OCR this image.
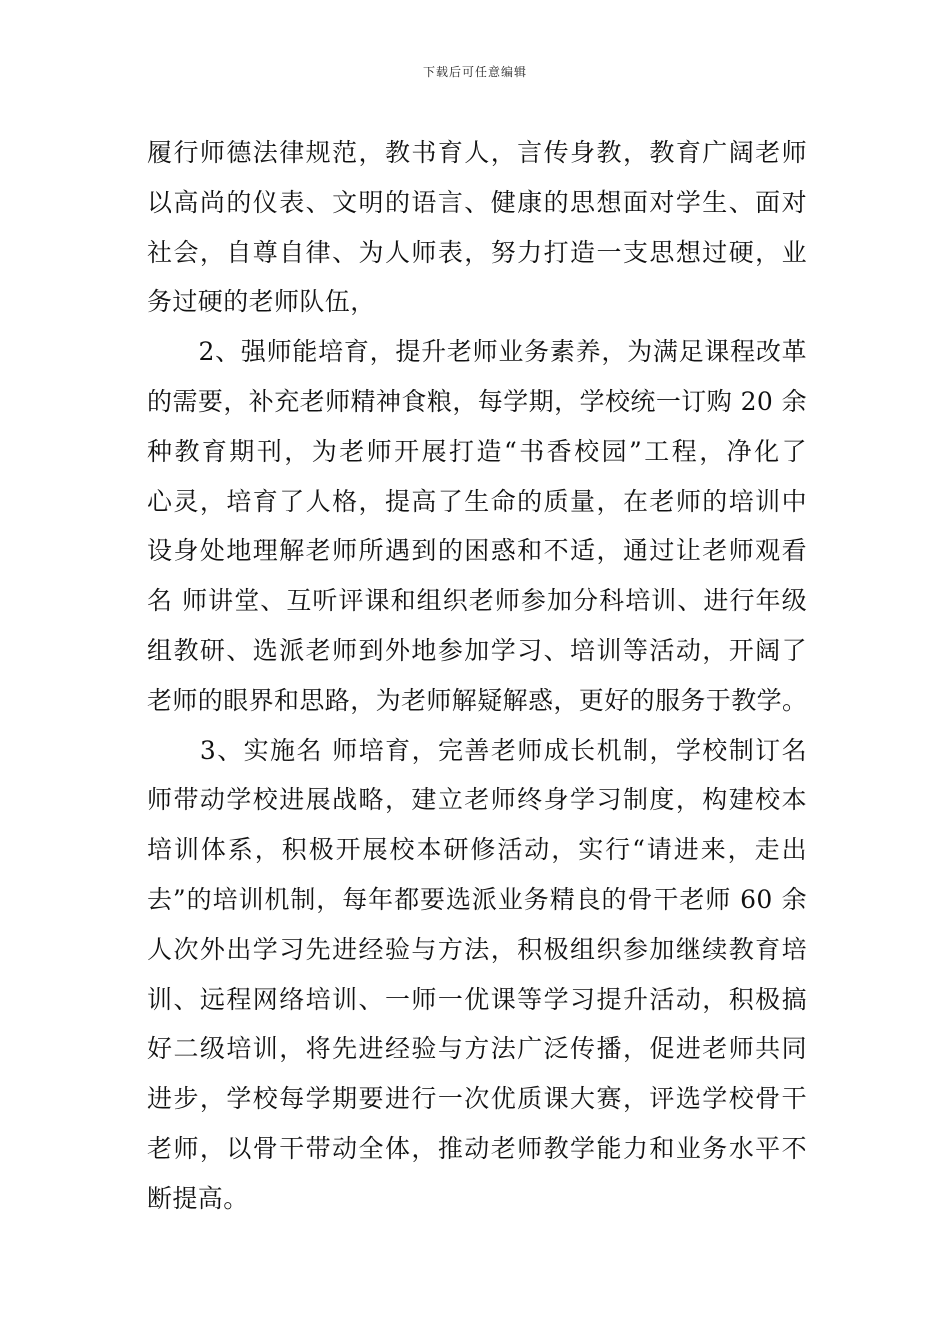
下载后可任意编辑
履行师德法律规范，教书育人，言传身教，教育广阔老师
以高尚的仪表、文明的语言、健康的思想面对学生、面对
社会，自尊自律、为人师表，努力打造一支思想过硬，业
务过硬的老师队伍，
　　2、强师能培育，提升老师业务素养，为满足课程改革
的需要，补充老师精神食粮，每学期，学校统一订购 20 余
种教育期刊，为老师开展打造“书香校园”工程，净化了
心灵，培育了人格，提高了生命的质量，在老师的培训中
设身处地理解老师所遇到的困惑和不适，通过让老师观看
名 师讲堂、互听评课和组织老师参加分科培训、进行年级
组教研、选派老师到外地参加学习、培训等活动，开阔了
老师的眼界和思路，为老师解疑解惑，更好的服务于教学。
　　3、实施名 师培育，完善老师成长机制，学校制订名
师带动学校进展战略，建立老师终身学习制度，构建校本
培训体系，积极开展校本研修活动，实行“请进来，走出
去”的培训机制，每年都要选派业务精良的骨干老师 60 余
人次外出学习先进经验与方法，积极组织参加继续教育培
训、远程网络培训、一师一优课等学习提升活动，积极搞
好二级培训，将先进经验与方法广泛传播，促进老师共同
进步，学校每学期要进行一次优质课大赛，评选学校骨干
老师，以骨干带动全体，推动老师教学能力和业务水平不
断提高。
